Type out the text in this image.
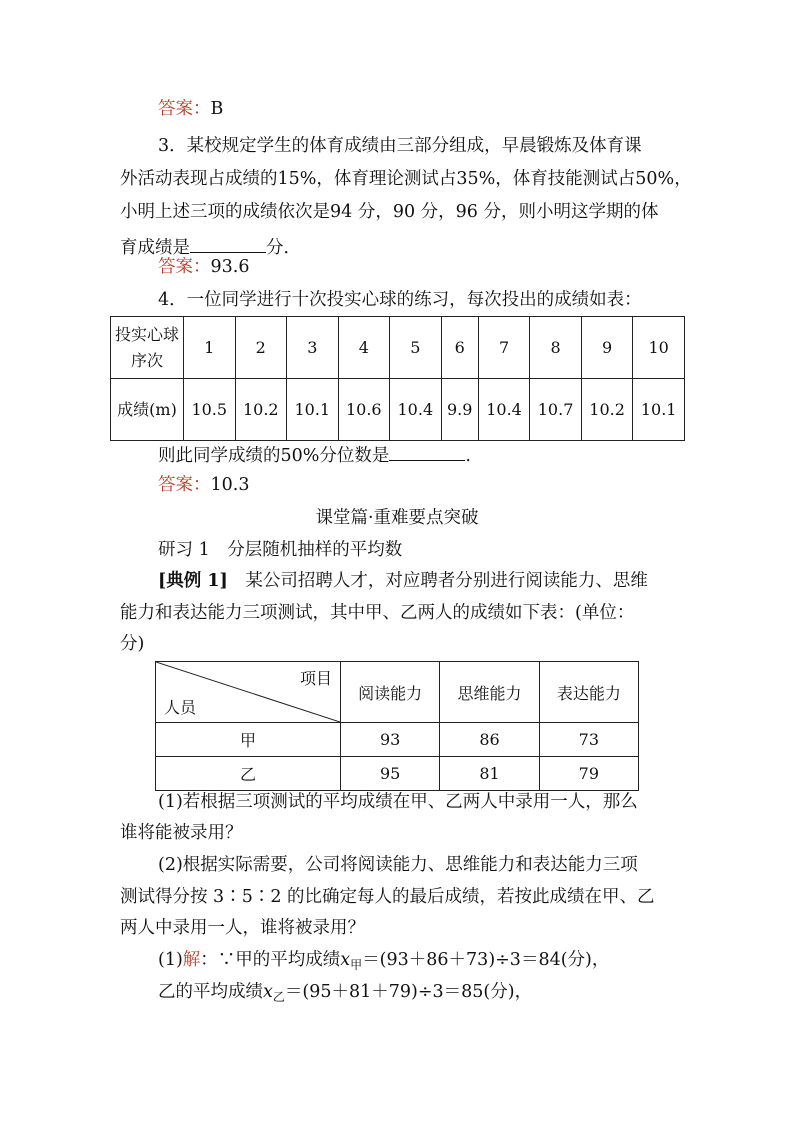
答案：B
3．某校规定学生的体育成绩由三部分组成，早晨锻炼及体育课
外活动表现占成绩的15%，体育理论测试占35%，体育技能测试占50%，
小明上述三项的成绩依次是94 分，90 分，96 分，则小明这学期的体
育成绩是	分．
答案：93.6
4．一位同学进行十次投实心球的练习，每次投出的成绩如表：
投实心球序次	1	2	3	4	5	6	7	8	9	10
成绩(m)	10.5	10.2	10.1	10.6	10.4	9.9	10.4	10.7	10.2	10.1
则此同学成绩的50%分位数是	.
答案：10.3
课堂篇·重难要点突破
研习 1　分层随机抽样的平均数
[典例 1]　某公司招聘人才，对应聘者分别进行阅读能力、思维
能力和表达能力三项测试，其中甲、乙两人的成绩如下表：(单位：
分)
项目
人员	阅读能力	思维能力	表达能力
甲	93	86	73
乙	95	81	79
(1)若根据三项测试的平均成绩在甲、乙两人中录用一人，那么
谁将能被录用？
(2)根据实际需要，公司将阅读能力、思维能力和表达能力三项
测试得分按 3∶5∶2 的比确定每人的最后成绩，若按此成绩在甲、乙
两人中录用一人，谁将被录用？
(1)解：∵甲的平均成绩$x_甲=(93+86+73)\div 3=84$(分)，
乙的平均成绩$x_乙=(95+81+79)\div 3=85$(分)，
